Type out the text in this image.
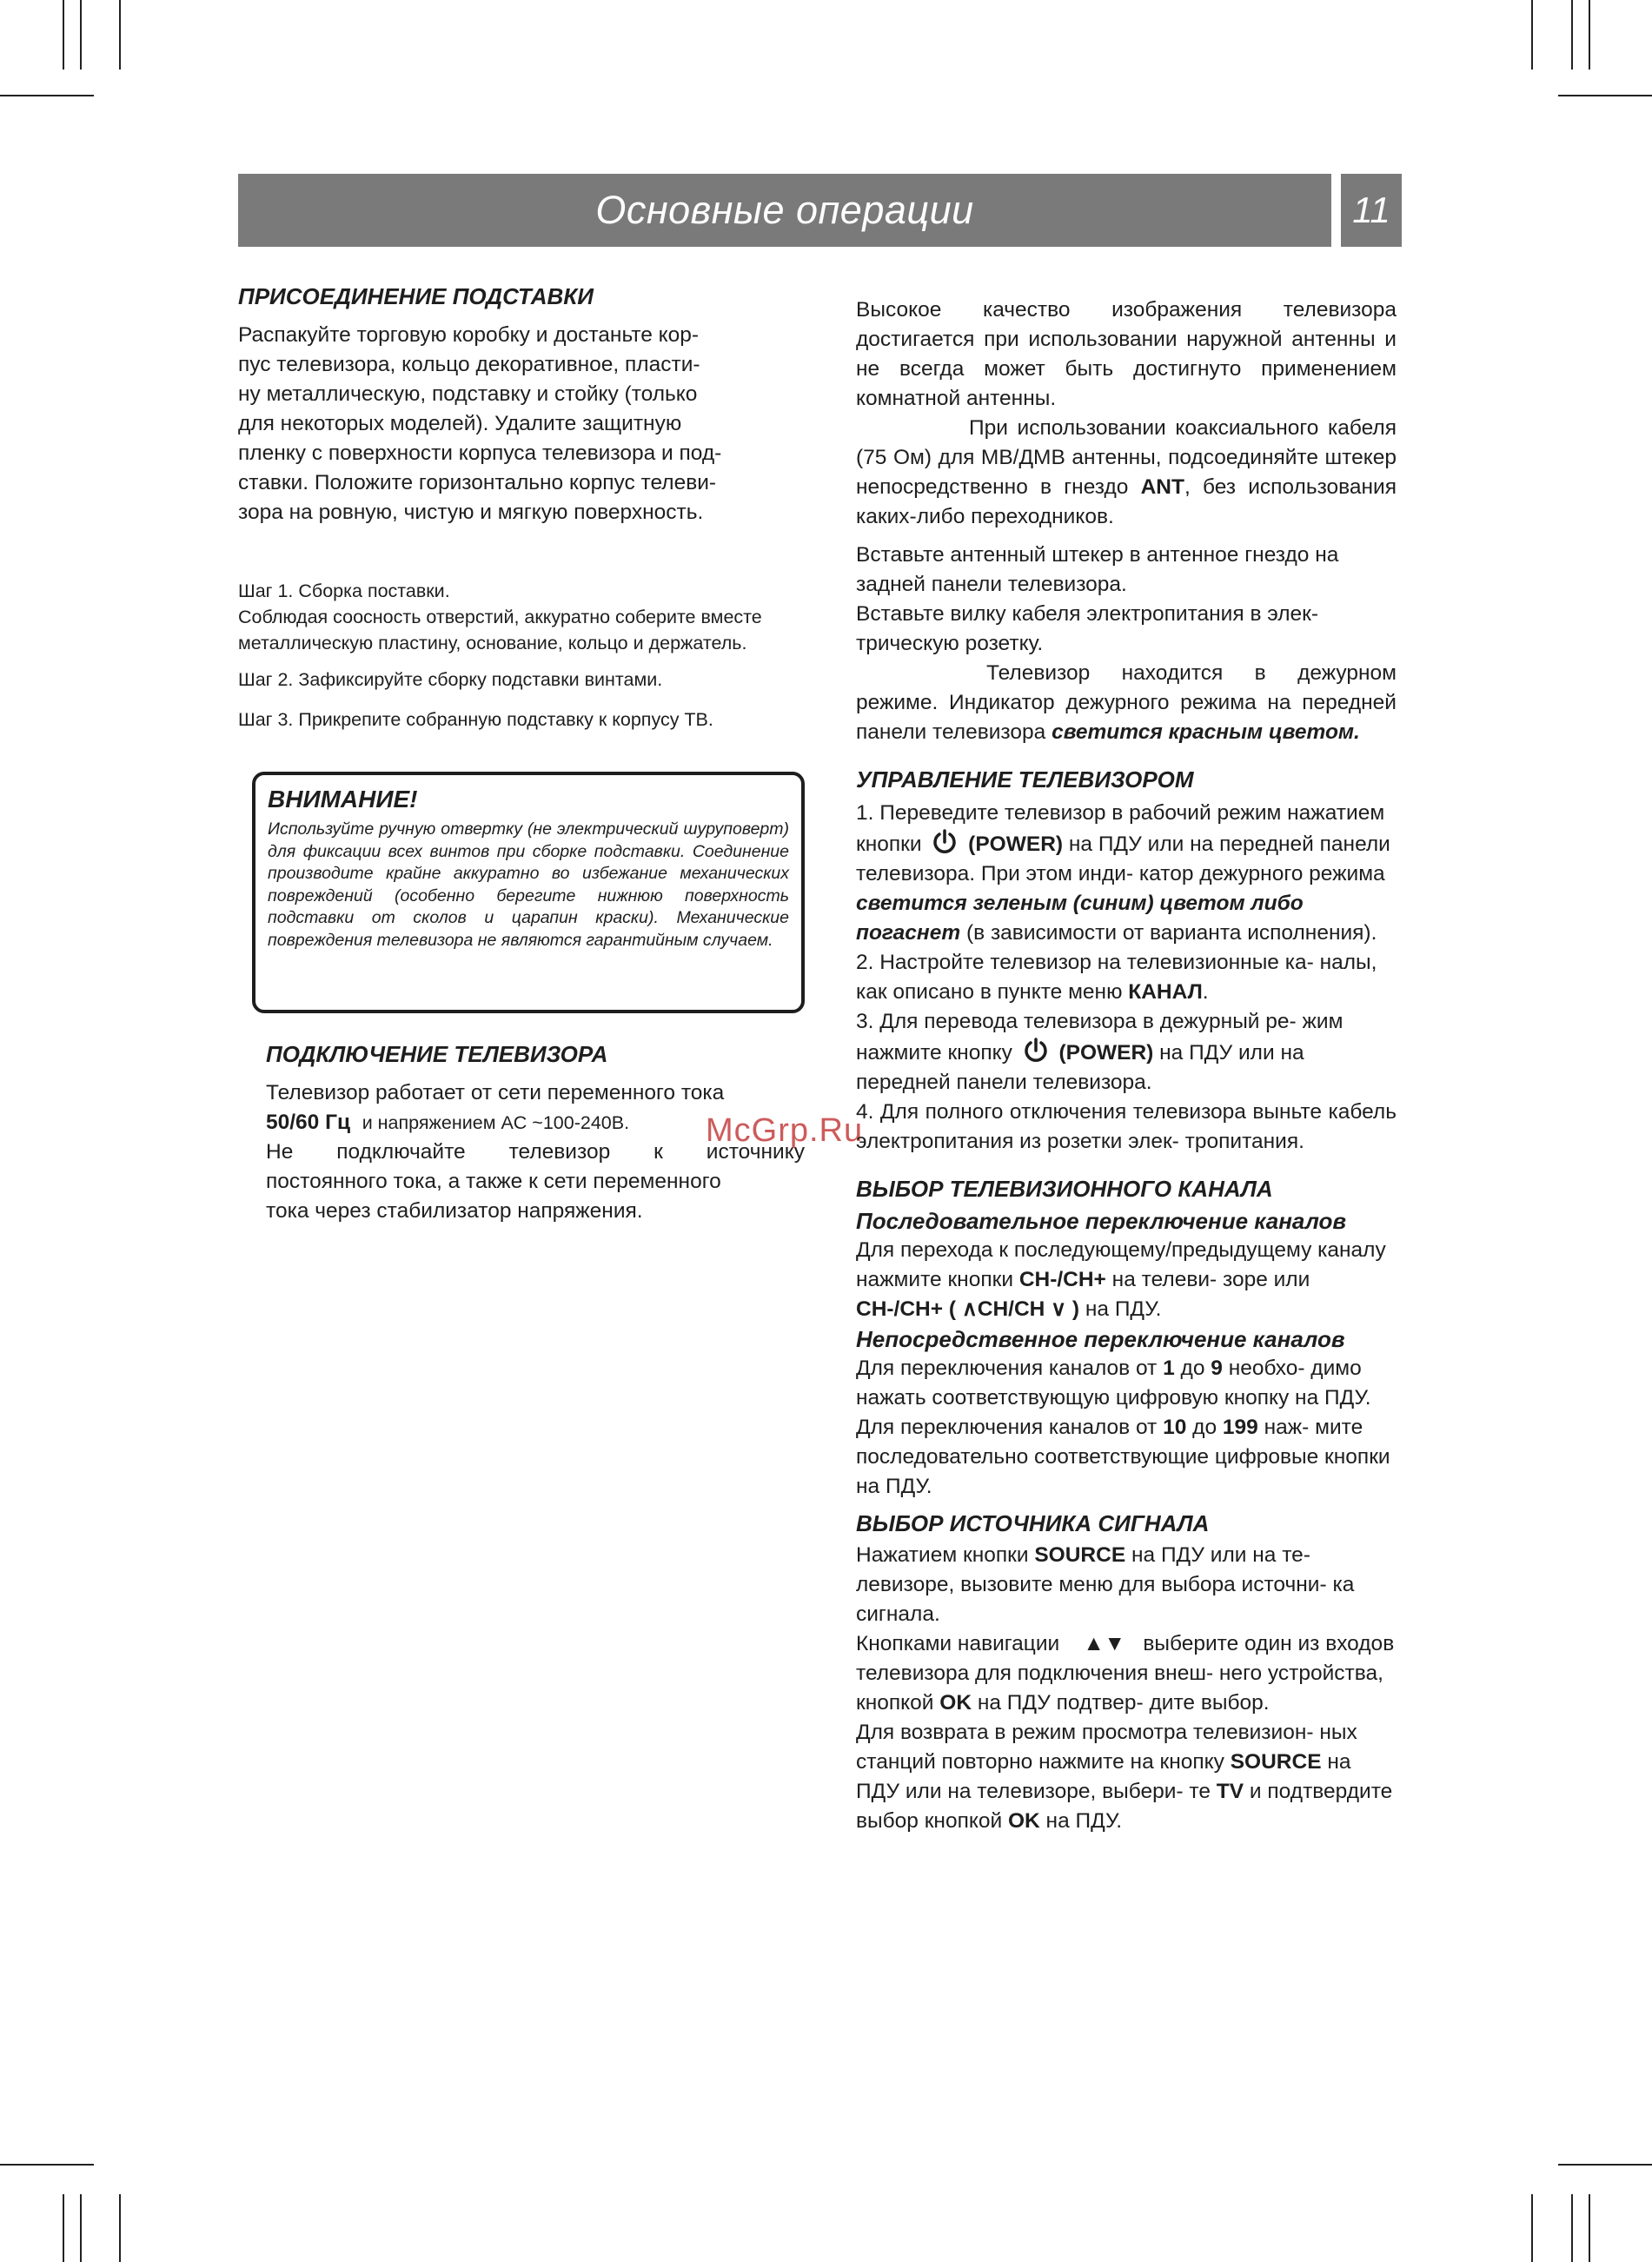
Основные операции	11
ПРИСОЕДИНЕНИЕ ПОДСТАВКИ

Распакуйте торговую коробку и достаньте кор-

пус телевизора, кольцо декоративное, пласти-

ну металлическую, подставку и стойку (только

для некоторых моделей). Удалите защитную

пленку с поверхности корпуса телевизора и под-

ставки. Положите горизонтально корпус телеви-

зора на ровную, чистую и мягкую поверхность.

Шаг 1. Сборка поставки.

Соблюдая соосность отверстий, аккуратно соберите вместе

металлическую пластину, основание, кольцо и держатель.

Шаг 2. Зафиксируйте сборку подставки винтами.

Шаг 3. Прикрепите собранную подставку к корпусу ТВ.

ВНИМАНИЕ!

Используйте ручную отвертку (не электрический шуруповерт) для фиксации всех винтов при сборке подставки. Соединение производите крайне аккуратно во избежание механических повреждений (особенно берегите нижнюю поверхность подставки от сколов и царапин краски). Механические повреждения телевизора не являются гарантийным случаем.

ПОДКЛЮЧЕНИЕ ТЕЛЕВИЗОРА

Телевизор работает от сети переменного тока

50/60 Гц и напряжением AC ~100-240В.

Не подключайте телевизор к источнику

постоянного тока, а также к сети переменного

тока через стабилизатор напряжения.

McGrp.Ru

Высокое качество изображения телевизора достигается при использовании наружной антенны и не всегда может быть достигнуто применением комнатной антенны.

При использовании коаксиального кабеля (75 Ом) для МВ/ДМВ антенны, подсоединяйте штекер непосредственно в гнездо ANT, без использования каких-либо переходников.

Вставьте антенный штекер в антенное гнездо на задней панели телевизора.

Вставьте вилку кабеля электропитания в элек- трическую розетку.

Телевизор находится в дежурном режиме. Индикатор дежурного режима на передней панели телевизора светится красным цветом.

УПРАВЛЕНИЕ ТЕЛЕВИЗОРОМ

1. Переведите телевизор в рабочий режим нажатием кнопки (POWER) на ПДУ или на передней панели телевизора. При этом инди- катор дежурного режима светится зеленым (синим) цветом либо погаснет (в зависимости от варианта исполнения).

2. Настройте телевизор на телевизионные ка- налы, как описано в пункте меню КАНАЛ.

3. Для перевода телевизора в дежурный ре- жим нажмите кнопку (POWER) на ПДУ или на передней панели телевизора.

4. Для полного отключения телевизора выньте кабель электропитания из розетки элек- тропитания.

ВЫБОР ТЕЛЕВИЗИОННОГО КАНАЛА
Последовательное переключение каналов

Для перехода к последующему/предыдущему каналу нажмите кнопки CH-/CH+ на телеви- зоре или CH-/CH+ ( ∧CH/CH ∨ ) на ПДУ.

Непосредственное переключение каналов

Для переключения каналов от 1 до 9 необхо- димо нажать соответствующую цифровую кнопку на ПДУ.

Для переключения каналов от 10 до 199 наж- мите последовательно соответствующие цифровые кнопки на ПДУ.

ВЫБОР ИСТОЧНИКА СИГНАЛА

Нажатием кнопки SOURCE на ПДУ или на те- левизоре, вызовите меню для выбора источни- ка сигнала.

Кнопками навигации ▲▼ выберите один из входов телевизора для подключения внеш- него устройства, кнопкой OK на ПДУ подтвер- дите выбор.

Для возврата в режим просмотра телевизион- ных станций повторно нажмите на кнопку SOURCE на ПДУ или на телевизоре, выбери- те TV и подтвердите выбор кнопкой OK на ПДУ.
